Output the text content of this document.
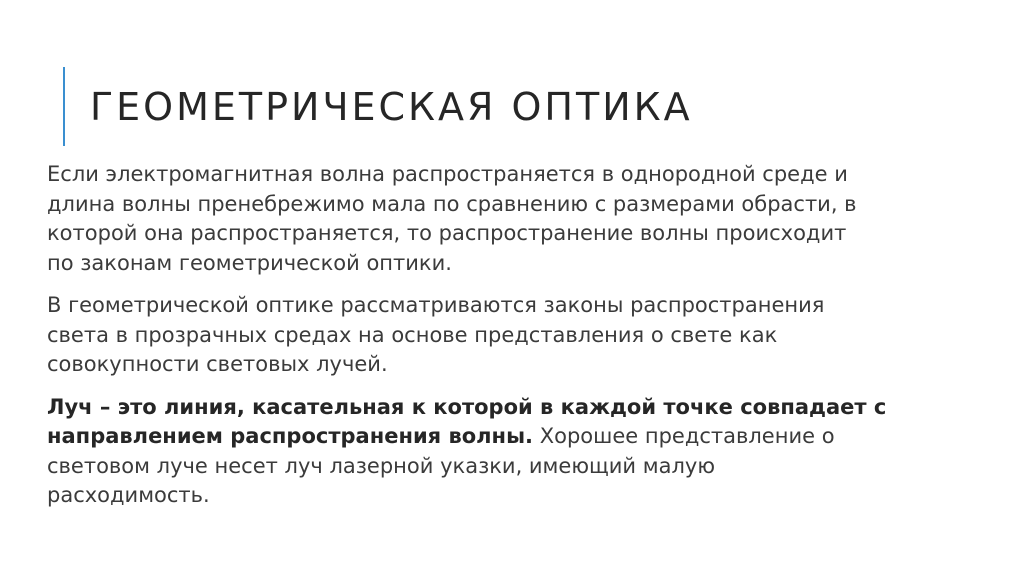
ГЕОМЕТРИЧЕСКАЯ ОПТИКА

Если электромагнитная волна распространяется в однородной среде и
длина волны пренебрежимо мала по сравнению с размерами обрасти, в
которой она распространяется, то распространение волны происходит
по законам геометрической оптики.

В геометрической оптике рассматриваются законы распространения
света в прозрачных средах на основе представления о свете как
совокупности световых лучей.

Луч – это линия, касательная к которой в каждой точке совпадает с
направлением распространения волны. Хорошее представление о
световом луче несет луч лазерной указки, имеющий малую
расходимость.
